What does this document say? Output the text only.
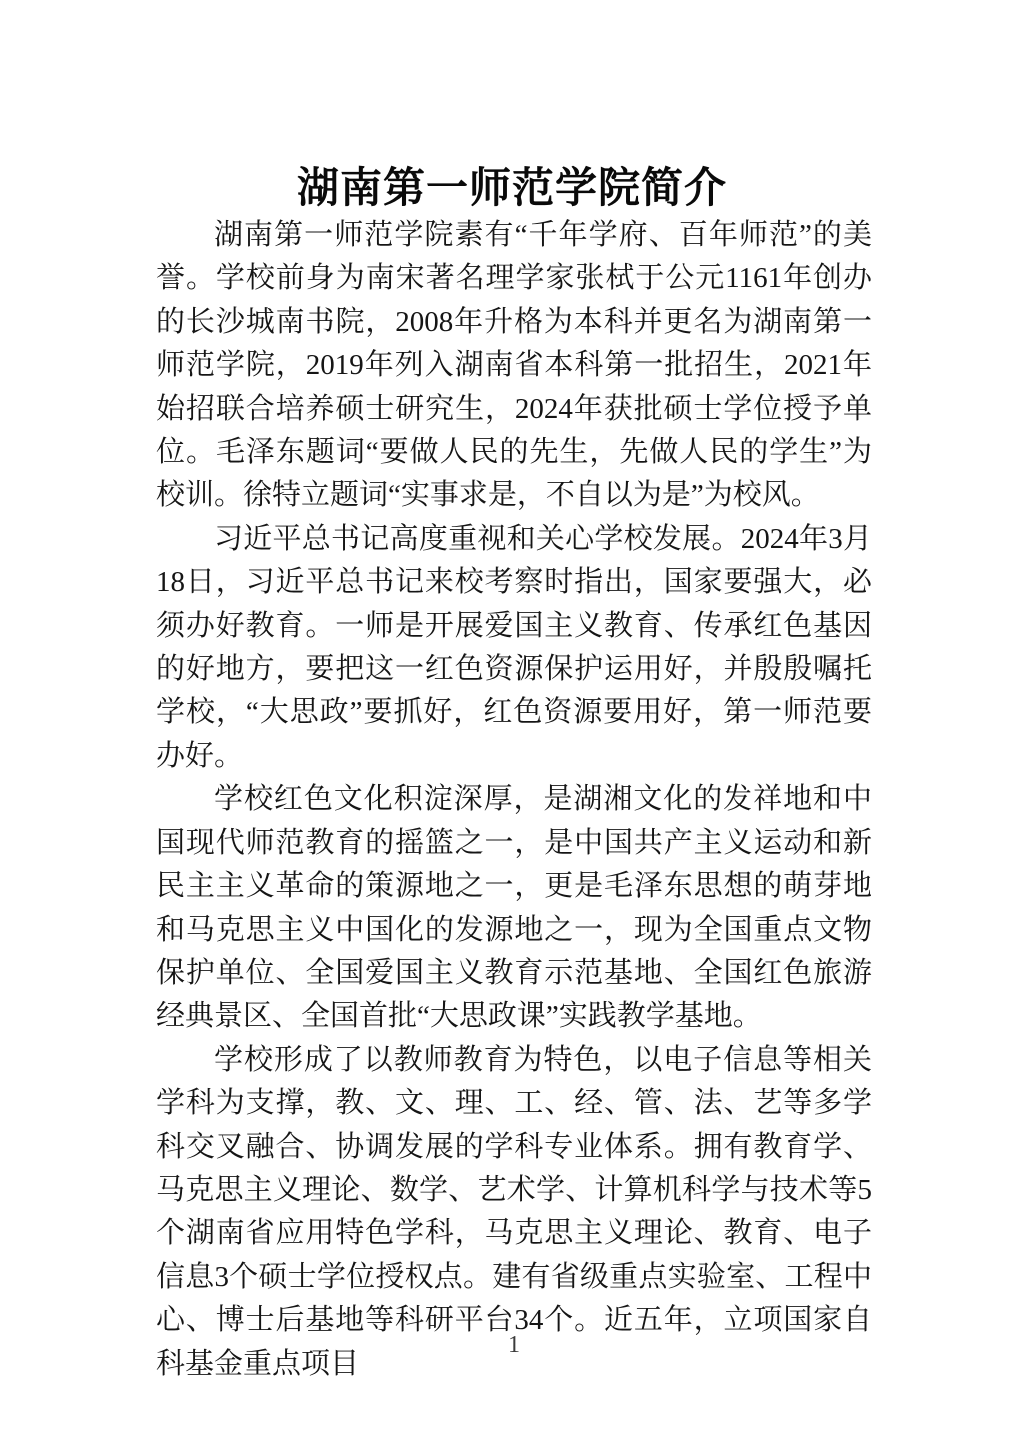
湖南第一师范学院简介

湖南第一师范学院素有“千年学府、百年师范”的美誉。学校前身为南宋著名理学家张栻于公元1161年创办的长沙城南书院，2008年升格为本科并更名为湖南第一师范学院，2019年列入湖南省本科第一批招生，2021年始招联合培养硕士研究生，2024年获批硕士学位授予单位。毛泽东题词“要做人民的先生，先做人民的学生”为校训。徐特立题词“实事求是，不自以为是”为校风。

习近平总书记高度重视和关心学校发展。2024年3月18日，习近平总书记来校考察时指出，国家要强大，必须办好教育。一师是开展爱国主义教育、传承红色基因的好地方，要把这一红色资源保护运用好，并殷殷嘱托学校，“大思政”要抓好，红色资源要用好，第一师范要办好。

学校红色文化积淀深厚，是湖湘文化的发祥地和中国现代师范教育的摇篮之一，是中国共产主义运动和新民主主义革命的策源地之一，更是毛泽东思想的萌芽地和马克思主义中国化的发源地之一，现为全国重点文物保护单位、全国爱国主义教育示范基地、全国红色旅游经典景区、全国首批“大思政课”实践教学基地。

学校形成了以教师教育为特色，以电子信息等相关学科为支撑，教、文、理、工、经、管、法、艺等多学科交叉融合、协调发展的学科专业体系。拥有教育学、马克思主义理论、数学、艺术学、计算机科学与技术等5个湖南省应用特色学科，马克思主义理论、教育、电子信息3个硕士学位授权点。建有省级重点实验室、工程中心、博士后基地等科研平台34个。近五年，立项国家自科基金重点项目

1
